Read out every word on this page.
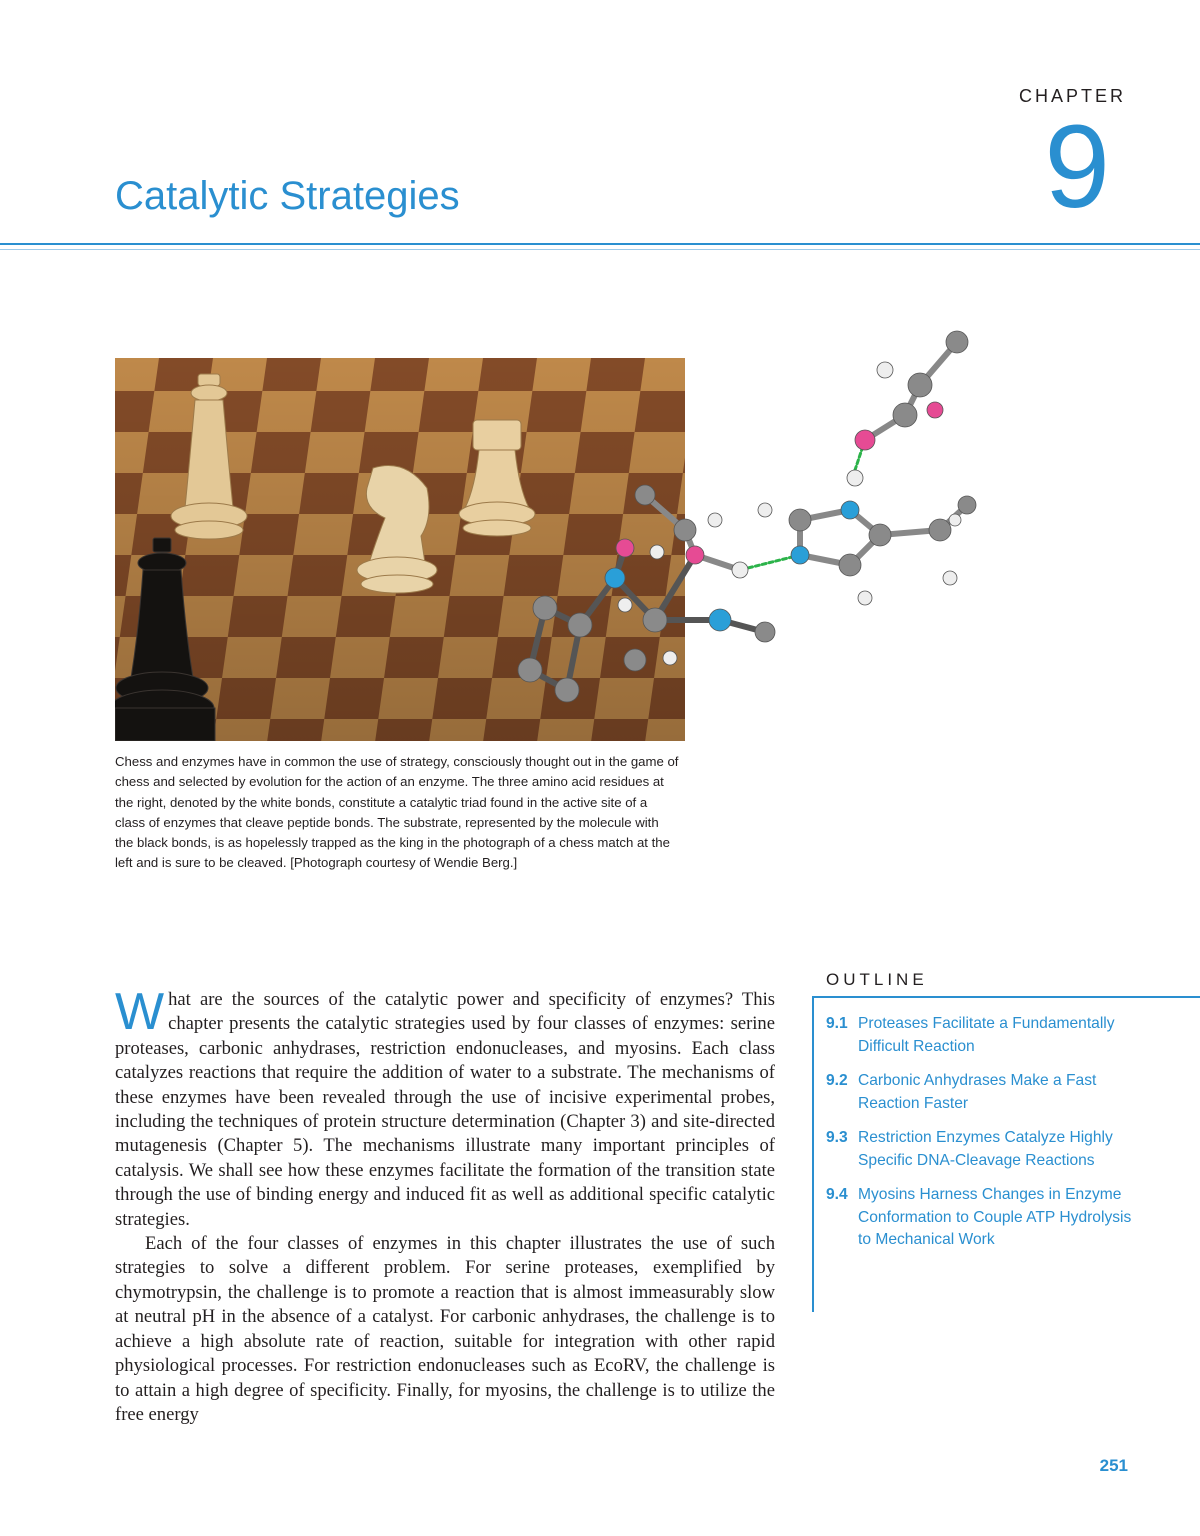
CHAPTER
9
Catalytic Strategies
Chess and enzymes have in common the use of strategy, consciously thought out in the game of chess and selected by evolution for the action of an enzyme. The three amino acid residues at the right, denoted by the white bonds, constitute a catalytic triad found in the active site of a class of enzymes that cleave peptide bonds. The substrate, represented by the molecule with the black bonds, is as hopelessly trapped as the king in the photograph of a chess match at the left and is sure to be cleaved. [Photograph courtesy of Wendie Berg.]
OUTLINE
9.1 Proteases Facilitate a Fundamentally Difficult Reaction
9.2 Carbonic Anhydrases Make a Fast Reaction Faster
9.3 Restriction Enzymes Catalyze Highly Specific DNA-Cleavage Reactions
9.4 Myosins Harness Changes in Enzyme Conformation to Couple ATP Hydrolysis to Mechanical Work

What are the sources of the catalytic power and specificity of enzymes? This chapter presents the catalytic strategies used by four classes of enzymes: serine proteases, carbonic anhydrases, restriction endonucleases, and myosins. Each class catalyzes reactions that require the addition of water to a substrate. The mechanisms of these enzymes have been revealed through the use of incisive experimental probes, including the techniques of protein structure determination (Chapter 3) and site-directed mutagenesis (Chapter 5). The mechanisms illustrate many important principles of catalysis. We shall see how these enzymes facilitate the formation of the transition state through the use of binding energy and induced fit as well as additional specific catalytic strategies.

Each of the four classes of enzymes in this chapter illustrates the use of such strategies to solve a different problem. For serine proteases, exemplified by chymotrypsin, the challenge is to promote a reaction that is almost immeasurably slow at neutral pH in the absence of a catalyst. For carbonic anhydrases, the challenge is to achieve a high absolute rate of reaction, suitable for integration with other rapid physiological processes. For restriction endonucleases such as EcoRV, the challenge is to attain a high degree of specificity. Finally, for myosins, the challenge is to utilize the free energy

251
